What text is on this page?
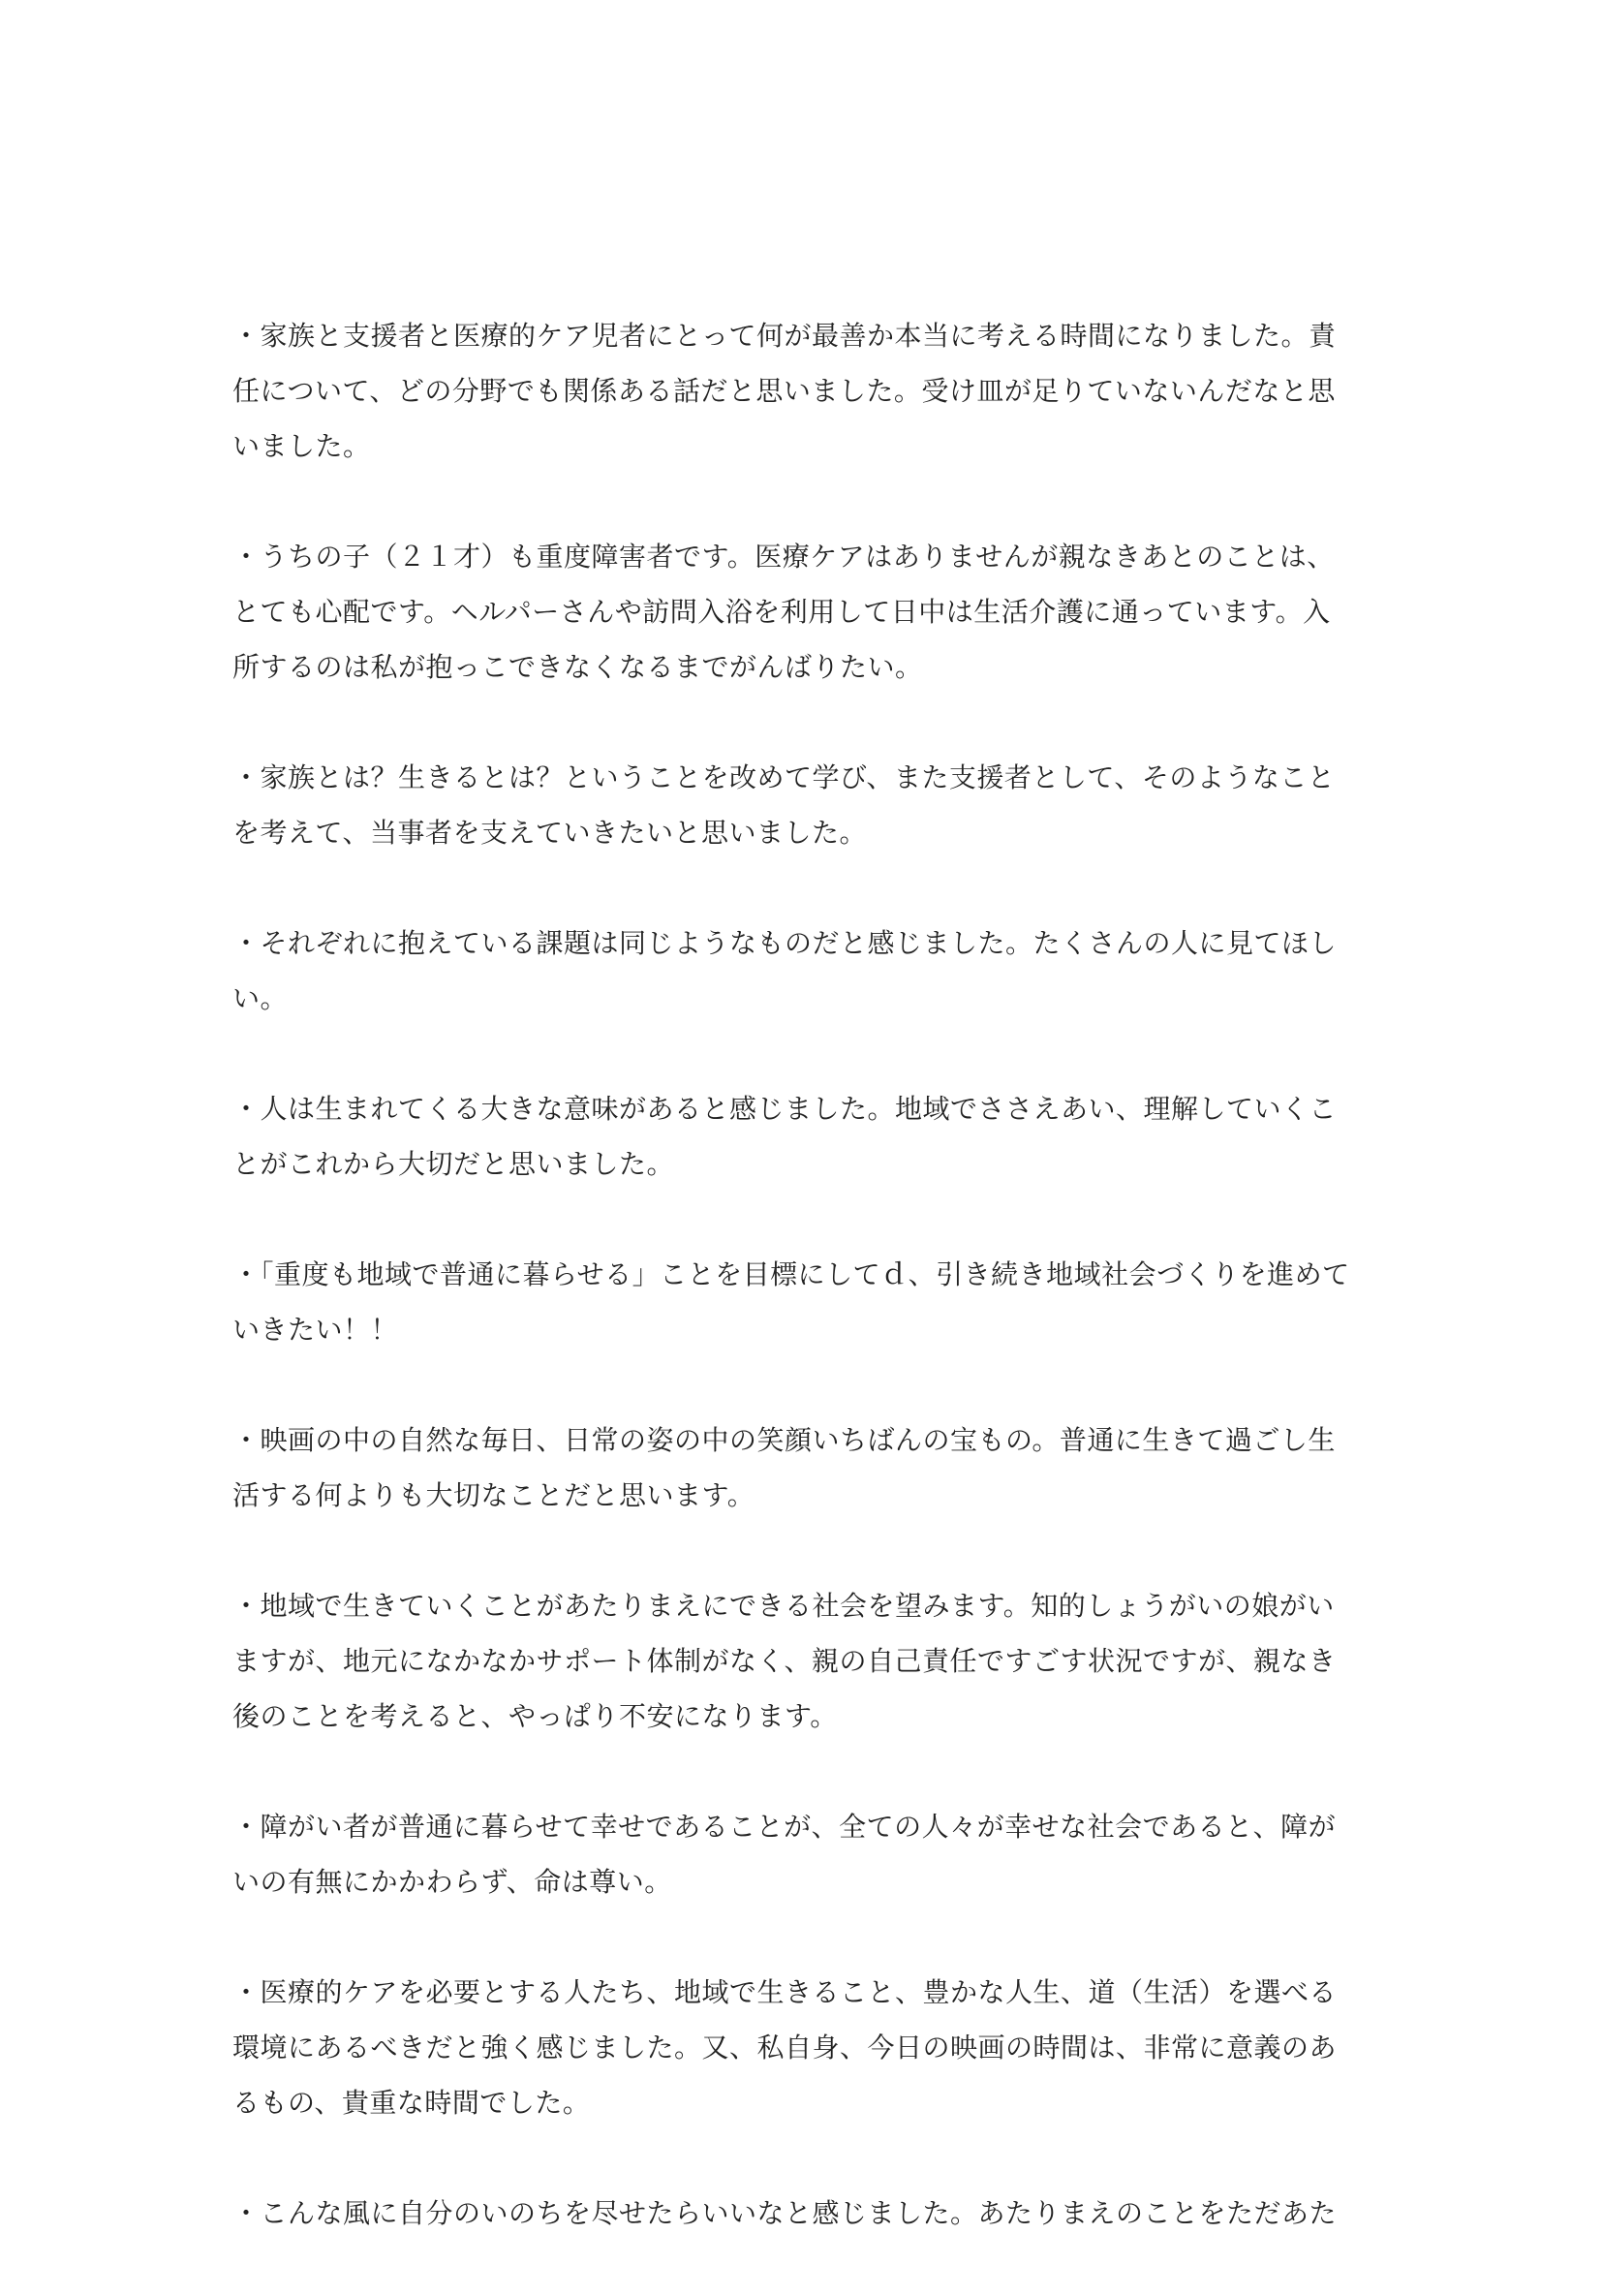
・家族と支援者と医療的ケア児者にとって何が最善か本当に考える時間になりました。責
任について、どの分野でも関係ある話だと思いました。受け皿が足りていないんだなと思
いました。

・うちの子（２１才）も重度障害者です。医療ケアはありませんが親なきあとのことは、
とても心配です。ヘルパーさんや訪問入浴を利用して日中は生活介護に通っています。入
所するのは私が抱っこできなくなるまでがんばりたい。

・家族とは？生きるとは？ということを改めて学び、また支援者として、そのようなこと
を考えて、当事者を支えていきたいと思いました。

・それぞれに抱えている課題は同じようなものだと感じました。たくさんの人に見てほし
い。

・人は生まれてくる大きな意味があると感じました。地域でささえあい、理解していくこ
とがこれから大切だと思いました。

・「重度も地域で普通に暮らせる」ことを目標にしてｄ、引き続き地域社会づくりを進めて
いきたい！！

・映画の中の自然な毎日、日常の姿の中の笑顔いちばんの宝もの。普通に生きて過ごし生
活する何よりも大切なことだと思います。

・地域で生きていくことがあたりまえにできる社会を望みます。知的しょうがいの娘がい
ますが、地元になかなかサポート体制がなく、親の自己責任ですごす状況ですが、親なき
後のことを考えると、やっぱり不安になります。

・障がい者が普通に暮らせて幸せであることが、全ての人々が幸せな社会であると、障が
いの有無にかかわらず、命は尊い。

・医療的ケアを必要とする人たち、地域で生きること、豊かな人生、道（生活）を選べる
環境にあるべきだと強く感じました。又、私自身、今日の映画の時間は、非常に意義のあ
るもの、貴重な時間でした。

・こんな風に自分のいのちを尽せたらいいなと感じました。あたりまえのことをただあた
